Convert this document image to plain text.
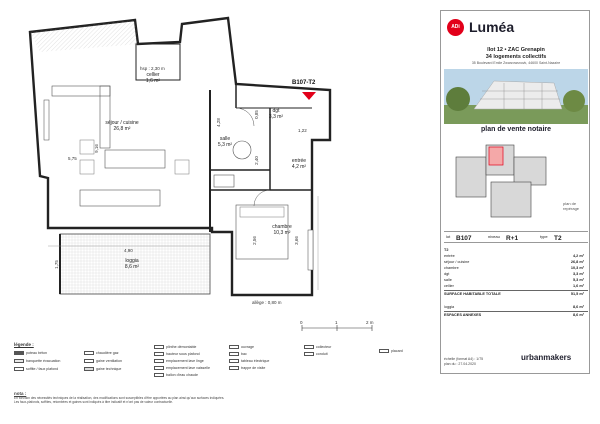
séjour / cuisine
26,8 m²
salle
5,3 m²
entrée
4,2 m²
chambre
10,3 m²
loggia
8,6 m²
cellier
1,6 m²
dgt
3,3 m²
5,75
9,16
4,90
1,75
3,66
2,56
2,40
1,22
0,85
4,28
allège : 0,80 m
hsp : 2,30 m
B107-T2
0	1	2 m
ADi Luméa
îlot 12 • ZAC Grenapin
34 logements collectifs
35 Boulevard Emile Zwarzowsnovk, 44600 Saint-Nazaire
plan de vente notaire
plan de repérage
lot B107	niveau R+1	type T2
T2
entrée	4,2 m²
séjour / cuisine	26,8 m²
chambre	10,3 m²
dgt	3,3 m²
salle	5,3 m²
cellier	1,6 m²
SURFACE HABITABLE TOTALE	51,5 m²
loggia	8,6 m²
ESPACES ANNEXES	8,6 m²
échelle (format A4) : 1/75
plan du : 27.04.2020
urbanmakers
légende :
poteau béton
banquette évacuation
soffite / faux plafond
chaudière gaz
gaine ventilation
gaine technique
plinthe démontable
hauteur sous plafond
emplacement lave linge
emplacement lave vaisselle
ballon d'eau chaude
ouvrage
bac
tableau électrique
trappe de visite
collecteur
conduit
placard
nota :
En fonction des nécessités techniques de la réalisation, des modifications sont susceptibles d'être apportées au plan ainsi qu'aux surfaces indiquées.
Les faux-plafonds, soffites, retombées et gaines sont indiqués à titre indicatif et n'ont pas de valeur contractuelle.
